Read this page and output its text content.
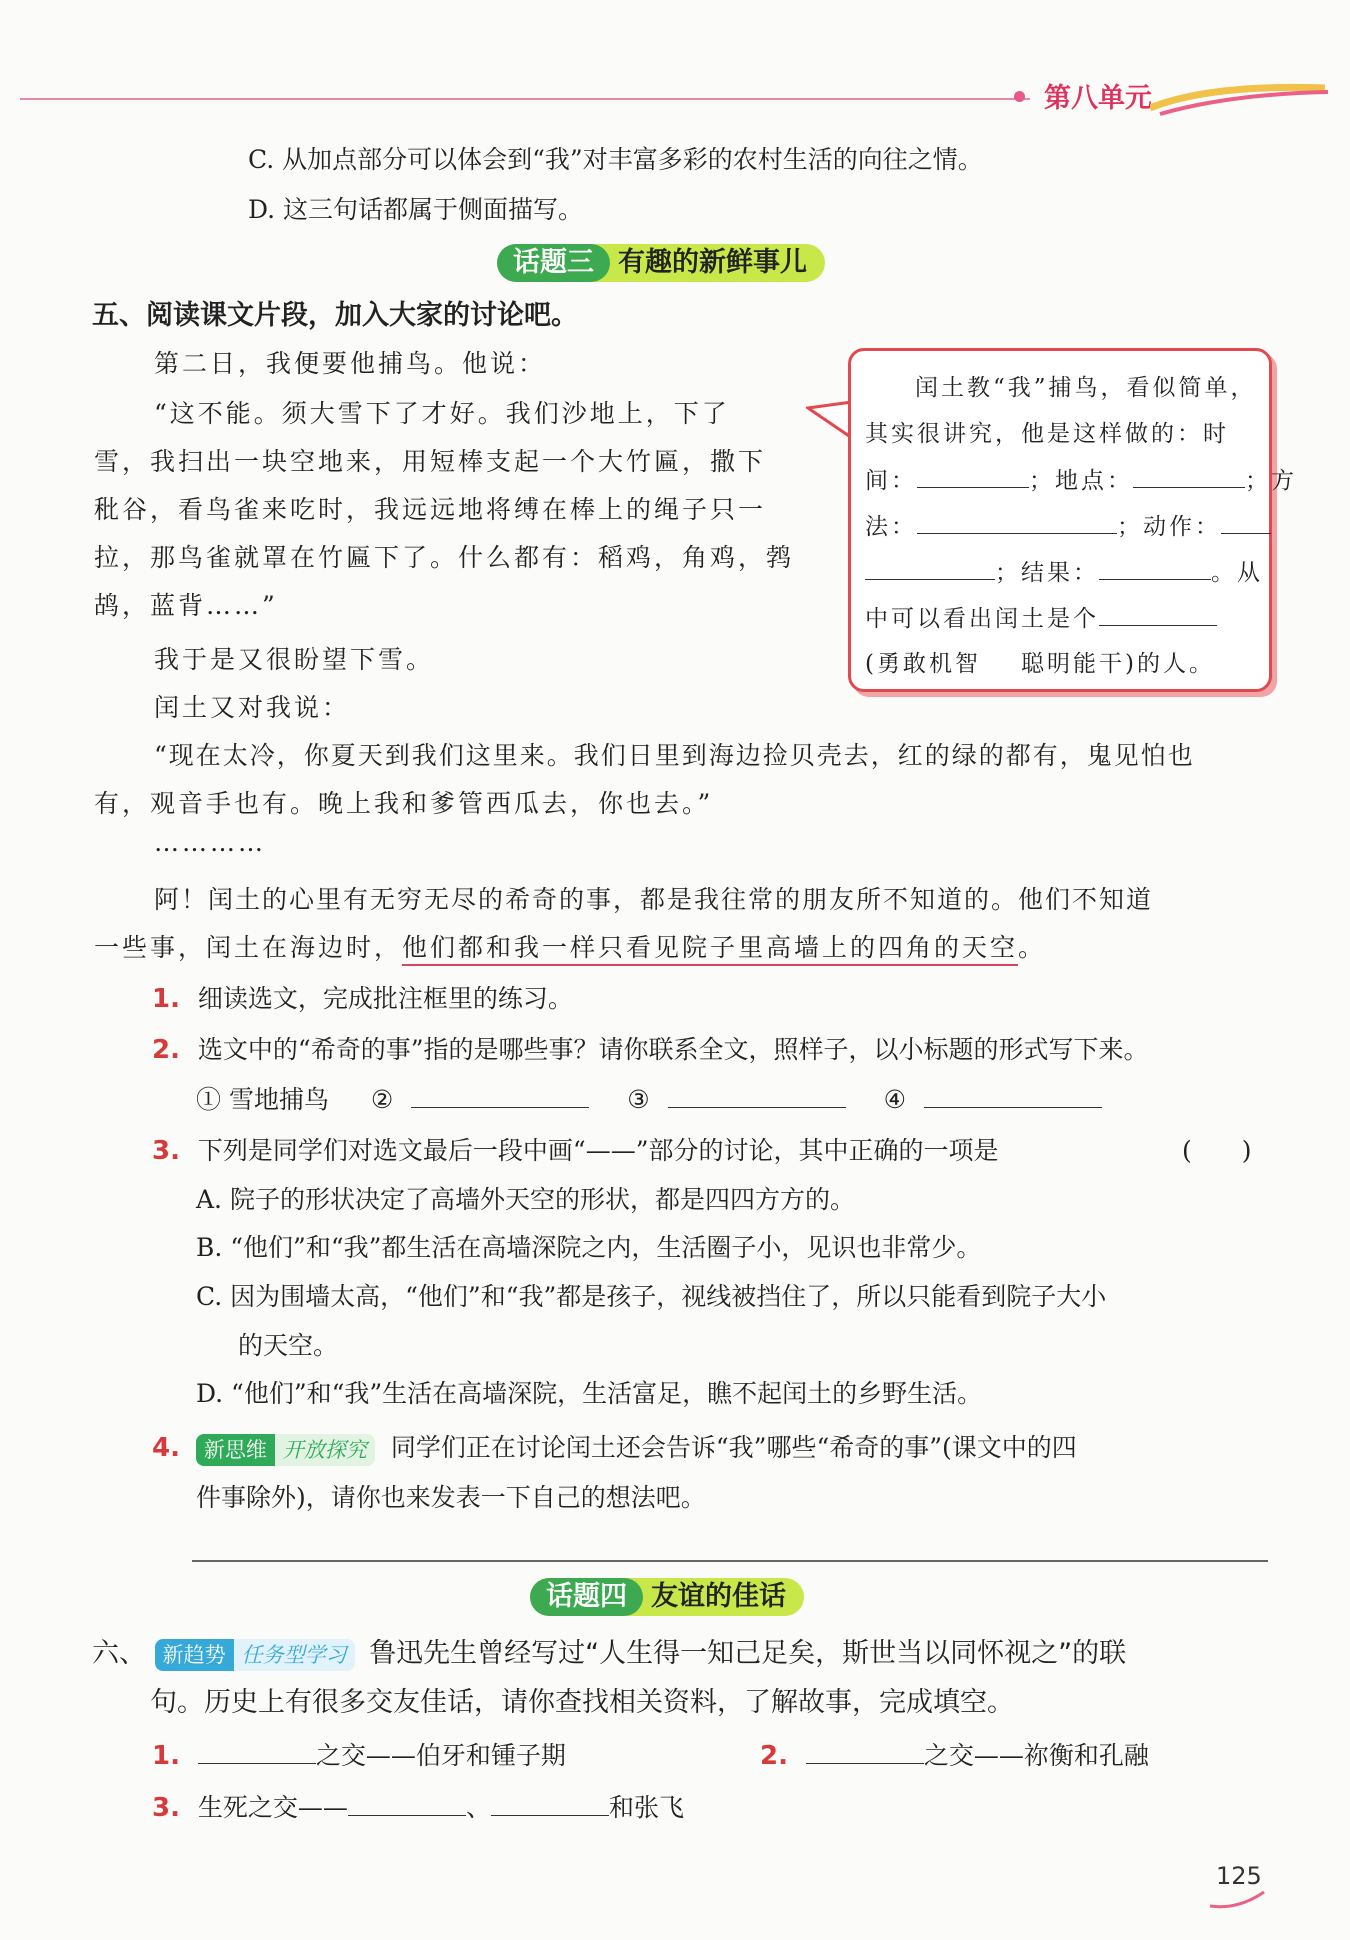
第八单元
C. 从加点部分可以体会到“我”对丰富多彩的农村生活的向往之情。
D. 这三句话都属于侧面描写。
话题三 有趣的新鲜事儿
五、阅读课文片段，加入大家的讨论吧。
第二日，我便要他捕鸟。他说：
“这不能。须大雪下了才好。我们沙地上，下了
雪，我扫出一块空地来，用短棒支起一个大竹匾，撒下
秕谷，看鸟雀来吃时，我远远地将缚在棒上的绳子只一
拉，那鸟雀就罩在竹匾下了。什么都有：稻鸡，角鸡，鹁
鸪，蓝背……”
我于是又很盼望下雪。
闰土又对我说：
“现在太冷，你夏天到我们这里来。我们日里到海边捡贝壳去，红的绿的都有，鬼见怕也
有，观音手也有。晚上我和爹管西瓜去，你也去。”
…………
阿！闰土的心里有无穷无尽的希奇的事，都是我往常的朋友所不知道的。他们不知道
一些事，闰土在海边时，他们都和我一样只看见院子里高墙上的四角的天空。
闰土教“我”捕鸟，看似简单，
其实很讲究，他是这样做的：时
间：	；地点：	；方
法：	；动作：
；结果：	。从
中可以看出闰土是个
(勇敢机智 聪明能干)的人。
1. 细读选文，完成批注框里的练习。
2. 选文中的“希奇的事”指的是哪些事？请你联系全文，照样子，以小标题的形式写下来。
① 雪地捕鸟 ②	③	④
3. 下列是同学们对选文最后一段中画“——”部分的讨论，其中正确的一项是	(　　)
A. 院子的形状决定了高墙外天空的形状，都是四四方方的。
B. “他们”和“我”都生活在高墙深院之内，生活圈子小，见识也非常少。
C. 因为围墙太高，“他们”和“我”都是孩子，视线被挡住了，所以只能看到院子大小
的天空。
D. “他们”和“我”生活在高墙深院，生活富足，瞧不起闰土的乡野生活。
4.	新思维 开放探究 同学们正在讨论闰土还会告诉“我”哪些“希奇的事”(课文中的四
件事除外)，请你也来发表一下自己的想法吧。
话题四 友谊的佳话
六、 新趋势 任务型学习 鲁迅先生曾经写过“人生得一知己足矣，斯世当以同怀视之”的联
句。历史上有很多交友佳话，请你查找相关资料，了解故事，完成填空。
1.	之交——伯牙和锺子期	2.	之交——祢衡和孔融
3. 生死之交——	、	和张飞
125
